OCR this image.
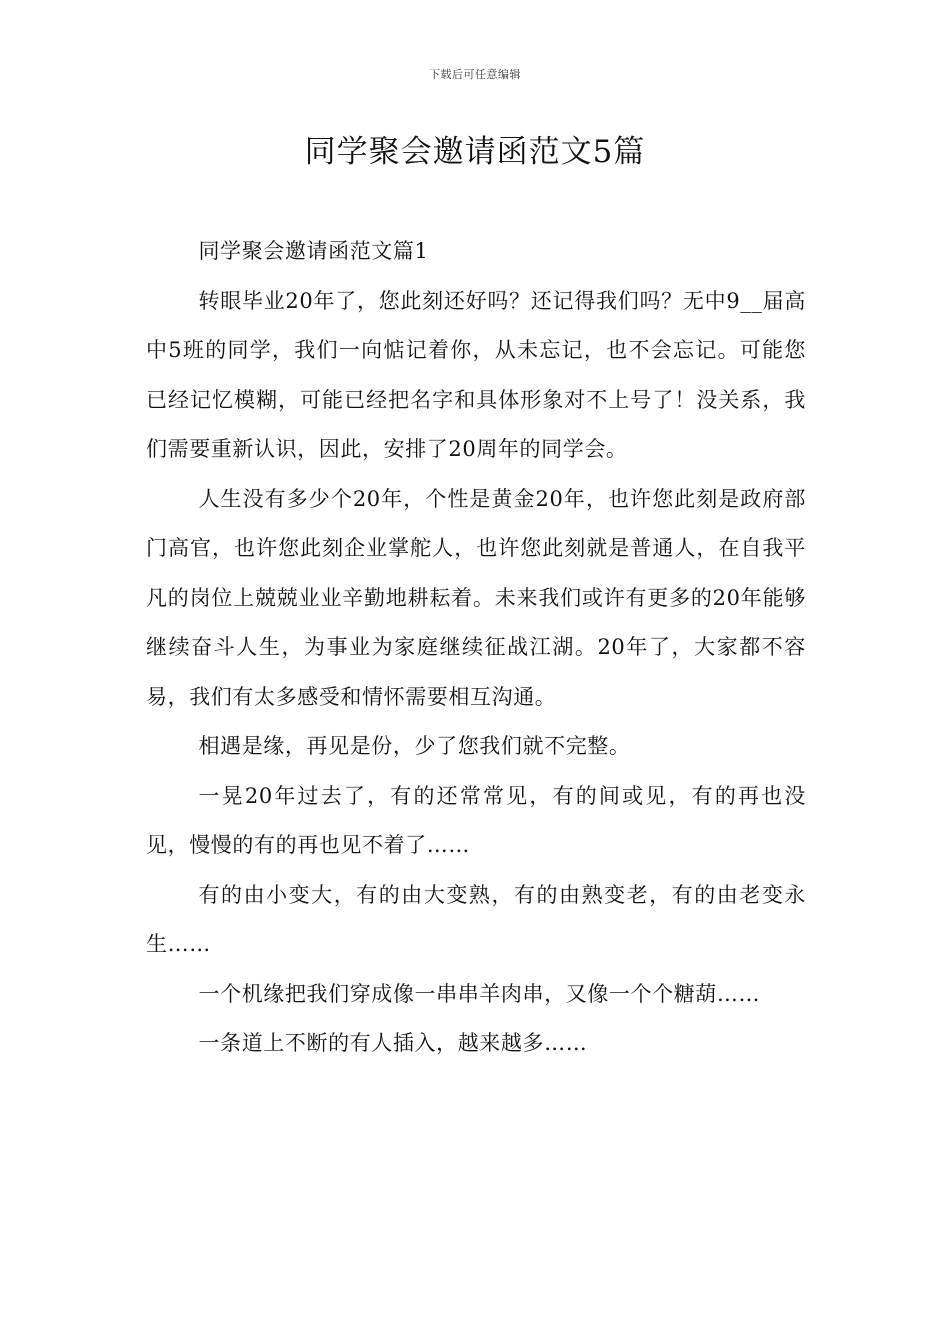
下载后可任意编辑
同学聚会邀请函范文5篇

同学聚会邀请函范文篇1

转眼毕业20年了，您此刻还好吗？还记得我们吗？无中9__届高中5班的同学，我们一向惦记着你，从未忘记，也不会忘记。可能您已经记忆模糊，可能已经把名字和具体形象对不上号了！没关系，我们需要重新认识，因此，安排了20周年的同学会。

人生没有多少个20年，个性是黄金20年，也许您此刻是政府部门高官，也许您此刻企业掌舵人，也许您此刻就是普通人，在自我平凡的岗位上兢兢业业辛勤地耕耘着。未来我们或许有更多的20年能够继续奋斗人生，为事业为家庭继续征战江湖。20年了，大家都不容易，我们有太多感受和情怀需要相互沟通。

相遇是缘，再见是份，少了您我们就不完整。

一晃20年过去了，有的还常常见，有的间或见，有的再也没见，慢慢的有的再也见不着了……

有的由小变大，有的由大变熟，有的由熟变老，有的由老变永生……

一个机缘把我们穿成像一串串羊肉串，又像一个个糖葫……

一条道上不断的有人插入，越来越多……
